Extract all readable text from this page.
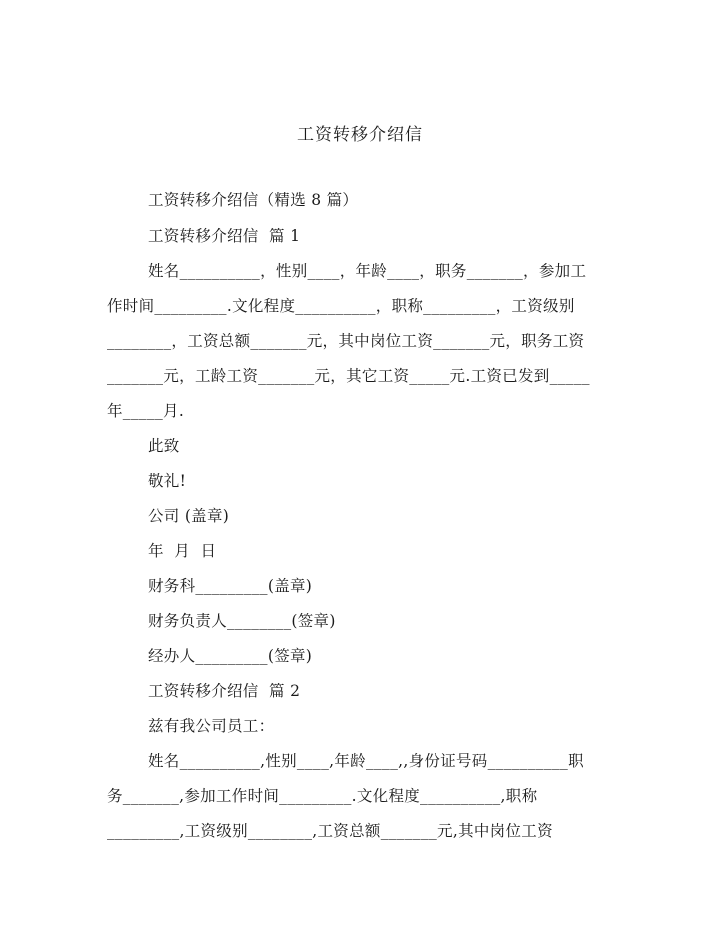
工资转移介绍信
工资转移介绍信（精选 8 篇）
工资转移介绍信  篇 1
姓名__________，性别____，年龄____，职务_______，参加工
作时间_________.文化程度__________，职称_________，工资级别
________，工资总额_______元，其中岗位工资_______元，职务工资
_______元，工龄工资_______元，其它工资_____元.工资已发到_____
年_____月.
此致
敬礼!
公司 (盖章)
年  月  日
财务科_________(盖章)
财务负责人________(签章)
经办人_________(签章)
工资转移介绍信  篇 2
兹有我公司员工：
姓名__________,性别____,年龄____,,身份证号码__________职
务_______,参加工作时间_________.文化程度__________,职称
_________,工资级别________,工资总额_______元,其中岗位工资
